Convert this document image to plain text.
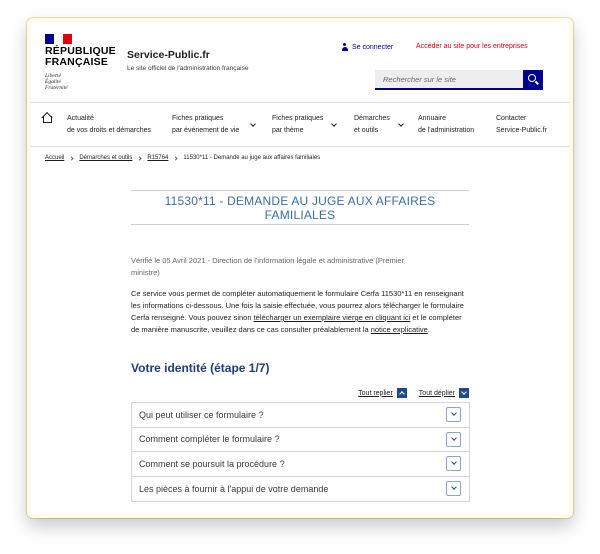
RÉPUBLIQUE
FRANÇAISE
Liberté
Égalité
Fraternité
Service-Public.fr
Le site officiel de l'administration française
Se connecter	Accéder au site pour les entreprises
Rechercher sur le site
Actualité
de vos droits et démarches
Fiches pratiques
par événement de vie
Fiches pratiques
par thème
Démarches
et outils
Annuaire
de l'administration
Contacter
Service-Public.fr
Accueil	Démarches et outils	R15764	11530*11 - Demande au juge aux affaires familiales
11530*11 - DEMANDE AU JUGE AUX AFFAIRES
FAMILIALES
Vérifié le 05 Avril 2021 - Direction de l'information légale et administrative (Premier
ministre)
Ce service vous permet de compléter automatiquement le formulaire Cerfa 11530*11 en renseignant les informations ci-dessous. Une fois la saisie effectuée, vous pourrez alors télécharger le formulaire Cerfa renseigné. Vous pouvez sinon télécharger un exemplaire vierge en cliquant ici et le compléter de manière manuscrite, veuillez dans ce cas consulter préalablement la notice explicative.
Votre identité (étape 1/7)
Tout replier	Tout déplier
Qui peut utiliser ce formulaire ?
Comment compléter le formulaire ?
Comment se poursuit la procédure ?
Les pièces à fournir à l'appui de votre demande
